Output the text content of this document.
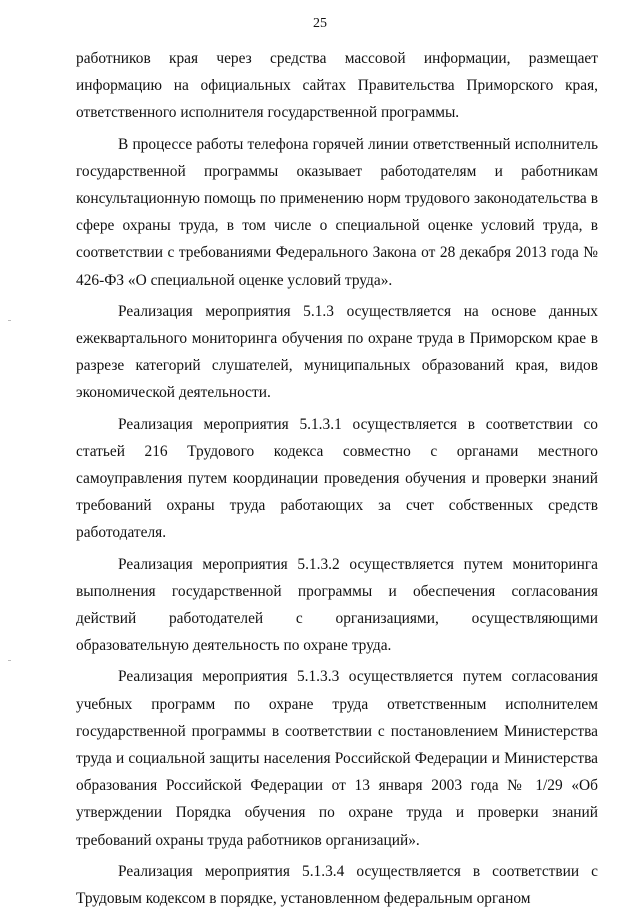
25

работников края через средства массовой информации, размещает информацию на официальных сайтах Правительства Приморского края, ответственного исполнителя государственной программы.

В процессе работы телефона горячей линии ответственный исполнитель государственной программы оказывает работодателям и работникам консультационную помощь по применению норм трудового законодательства в сфере охраны труда, в том числе о специальной оценке условий труда, в соответствии с требованиями Федерального Закона от 28 декабря 2013 года № 426-ФЗ «О специальной оценке условий труда».

Реализация мероприятия 5.1.3 осуществляется на основе данных ежеквартального мониторинга обучения по охране труда в Приморском крае в разрезе категорий слушателей, муниципальных образований края, видов экономической деятельности.

Реализация мероприятия 5.1.3.1 осуществляется в соответствии со статьей 216 Трудового кодекса совместно с органами местного самоуправления путем координации проведения обучения и проверки знаний требований охраны труда работающих за счет собственных средств работодателя.

Реализация мероприятия 5.1.3.2 осуществляется путем мониторинга выполнения государственной программы и обеспечения согласования действий работодателей с организациями, осуществляющими образовательную деятельность по охране труда.

Реализация мероприятия 5.1.3.3 осуществляется путем согласования учебных программ по охране труда ответственным исполнителем государственной программы в соответствии с постановлением Министерства труда и социальной защиты населения Российской Федерации и Министерства образования Российской Федерации от 13 января 2003 года № 1/29 «Об утверждении Порядка обучения по охране труда и проверки знаний требований охраны труда работников организаций».

Реализация мероприятия 5.1.3.4 осуществляется в соответствии с Трудовым кодексом в порядке, установленном федеральным органом
